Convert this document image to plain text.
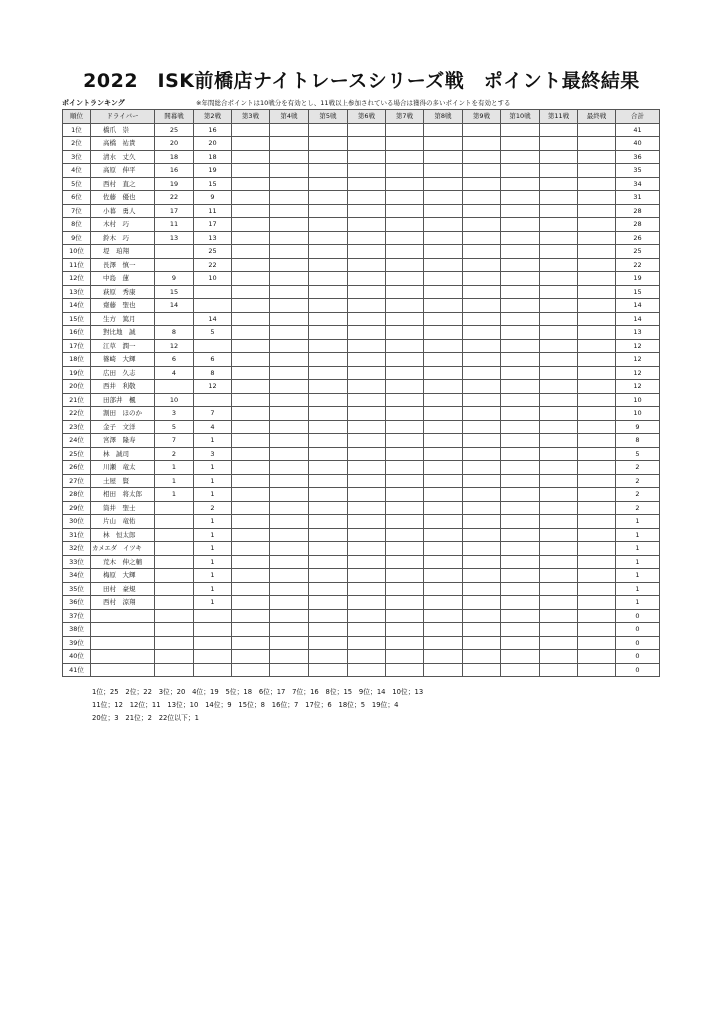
2022　ISK前橋店ナイトレースシリーズ戦　ポイント最終結果
ポイントランキング	※年間総合ポイントは10戦分を有効とし、11戦以上参加されている場合は獲得の多いポイントを有効とする
順位	ドライバー	開幕戦	第2戦	第3戦	第4戦	第5戦	第6戦	第7戦	第8戦	第9戦	第10戦	第11戦	最終戦	合計
1位	橋爪　崇	25	16											41
2位	高橋　祐貴	20	20											40
3位	清水　丈久	18	18											36
4位	高原　伸平	16	19											35
5位	西村　直之	19	15											34
6位	佐藤　優也	22	9											31
7位	小暮　勇人	17	11											28
8位	木村　巧	11	17											28
9位	鈴木　巧	13	13											26
10位	堤　珀翔		25											25
11位	長澤　慎一		22											22
12位	中島　蓮	9	10											19
13位	萩原　秀康	15												15
14位	齋藤　聖也	14												14
15位	生方　篤月		14											14
16位	對比地　誠	8	5											13
17位	江草　潤一	12												12
18位	篠崎　大輝	6	6											12
19位	広田　久志	4	8											12
20位	西井　利敬		12											12
21位	田部井　楓	10												10
22位	割田　ほのか	3	7											10
23位	金子　文洋	5	4											9
24位	宮澤　隆寿	7	1											8
25位	林　誠司	2	3											5
26位	川瀬　竜太	1	1											2
27位	土屋　賢	1	1											2
28位	相田　将太郎	1	1											2
29位	筒井　聖士		2											2
30位	片山　竜佑		1											1
31位	林　恒太郎		1											1
32位	カメエダ　イツキ		1											1
33位	荒木　伸之輔		1											1
34位	梅原　大輝		1											1
35位	田村　豪規		1											1
36位	西村　涼翔		1											1
37位														0
38位														0
39位														0
40位														0
41位														0
1位；25　2位；22　3位；20　4位；19　5位；18　6位；17　7位；16　8位；15　9位；14　10位；13
11位；12　12位；11　13位；10　14位；9　15位；8　16位；7　17位；6　18位；5　19位；4
20位；3　21位；2　22位以下；1
